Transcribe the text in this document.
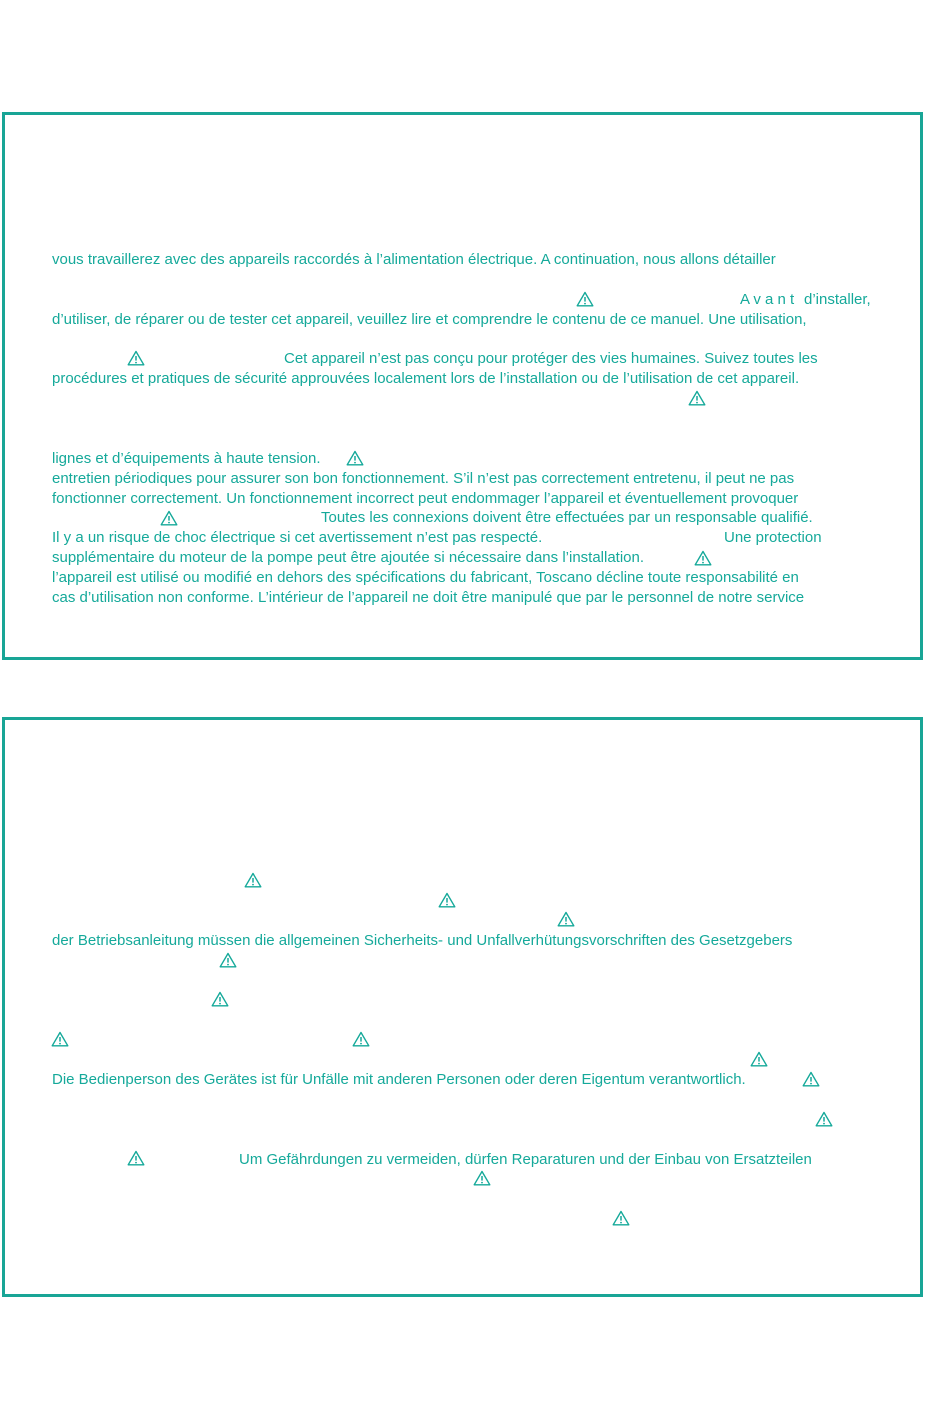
vous travaillerez avec des appareils raccordés à l’alimentation électrique. A continuation, nous allons détailler
A v a n t d’installer,
d’utiliser, de réparer ou de tester cet appareil, veuillez lire et comprendre le contenu de ce manuel. Une utilisation,
Cet appareil n’est pas conçu pour protéger des vies humaines. Suivez toutes les
procédures et pratiques de sécurité approuvées localement lors de l’installation ou de l’utilisation de cet appareil.
lignes et d’équipements à haute tension.
entretien périodiques pour assurer son bon fonctionnement. S’il n’est pas correctement entretenu, il peut ne pas
fonctionner correctement. Un fonctionnement incorrect peut endommager l’appareil et éventuellement provoquer
Toutes les connexions doivent être effectuées par un responsable qualifié.
Il y a un risque de choc électrique si cet avertissement n’est pas respecté.	Une protection
supplémentaire du moteur de la pompe peut être ajoutée si nécessaire dans l’installation.
l’appareil est utilisé ou modifié en dehors des spécifications du fabricant, Toscano décline toute responsabilité en
cas d’utilisation non conforme. L’intérieur de l’appareil ne doit être manipulé que par le personnel de notre service
der Betriebsanleitung müssen die allgemeinen Sicherheits- und Unfallverhütungsvorschriften des Gesetzgebers
Die Bedienperson des Gerätes ist für Unfälle mit anderen Personen oder deren Eigentum verantwortlich.
Um Gefährdungen zu vermeiden, dürfen Reparaturen und der Einbau von Ersatzteilen
